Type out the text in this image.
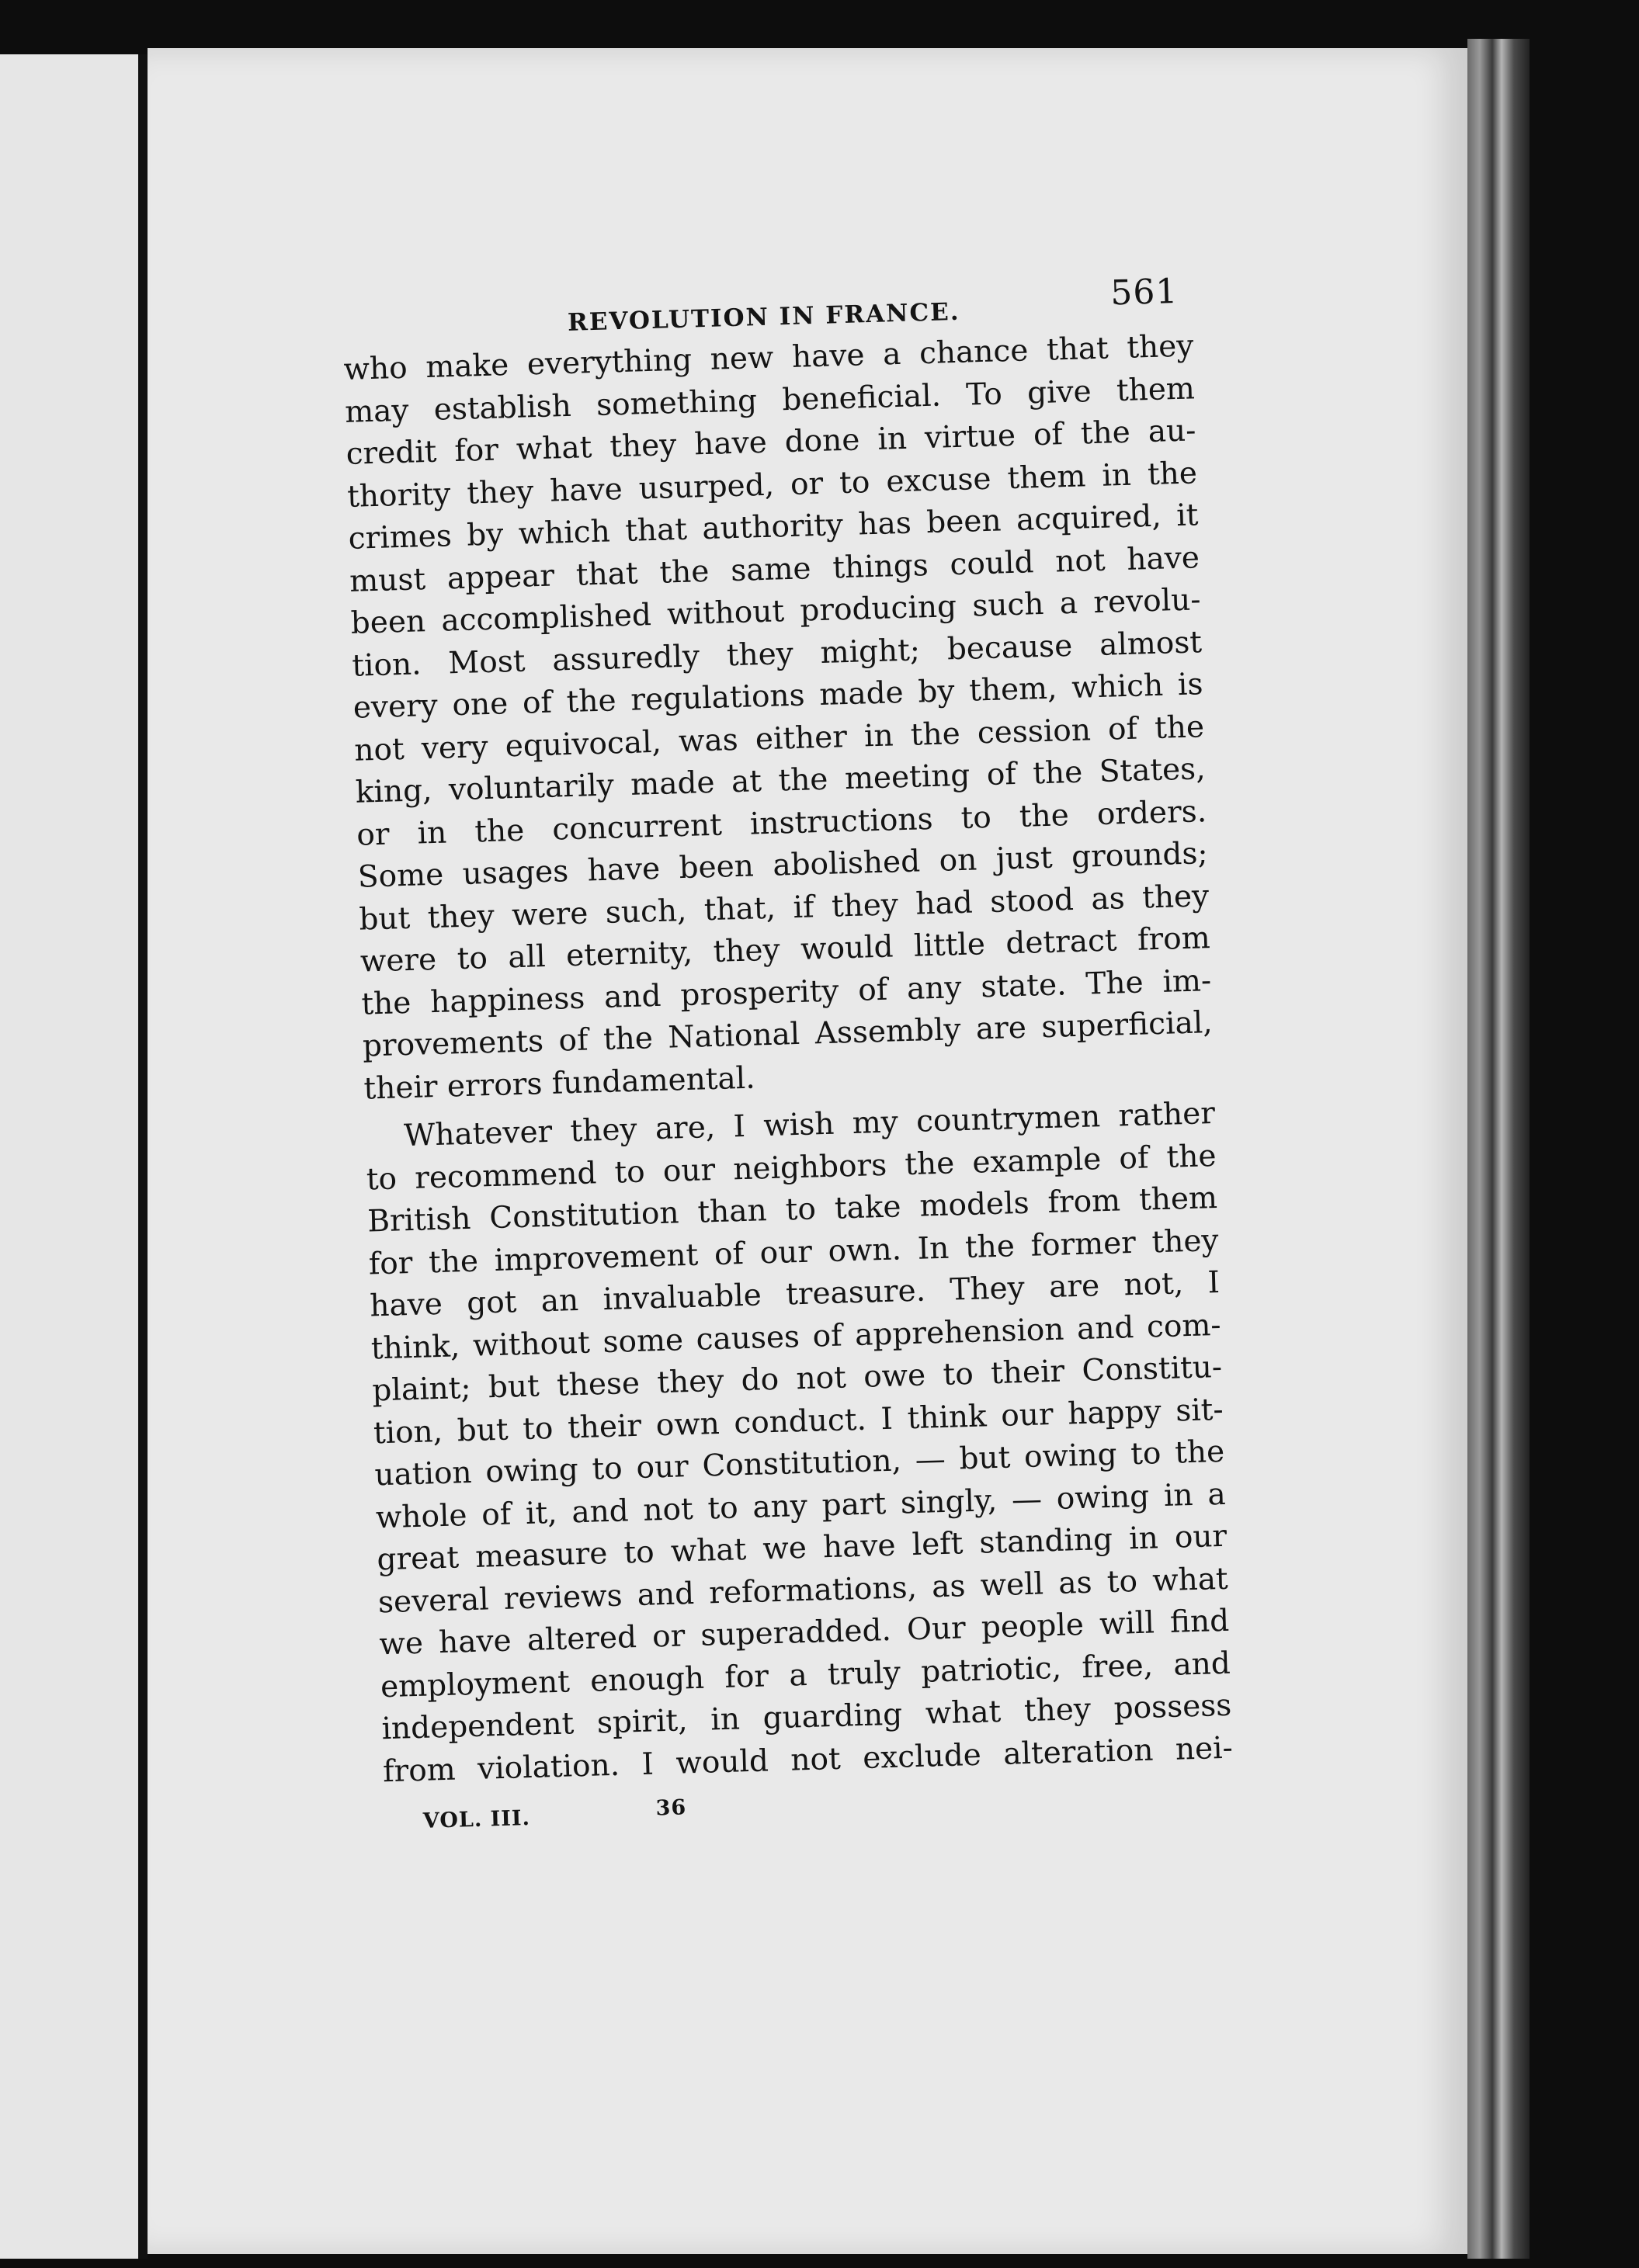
REVOLUTION IN FRANCE.
561
who make everything new have a chance that they
may establish something beneficial. To give them
credit for what they have done in virtue of the au-
thority they have usurped, or to excuse them in the
crimes by which that authority has been acquired, it
must appear that the same things could not have
been accomplished without producing such a revolu-
tion. Most assuredly they might; because almost
every one of the regulations made by them, which is
not very equivocal, was either in the cession of the
king, voluntarily made at the meeting of the States,
or in the concurrent instructions to the orders.
Some usages have been abolished on just grounds;
but they were such, that, if they had stood as they
were to all eternity, they would little detract from
the happiness and prosperity of any state. The im-
provements of the National Assembly are superficial,
their errors fundamental.
Whatever they are, I wish my countrymen rather
to recommend to our neighbors the example of the
British Constitution than to take models from them
for the improvement of our own. In the former they
have got an invaluable treasure. They are not, I
think, without some causes of apprehension and com-
plaint; but these they do not owe to their Constitu-
tion, but to their own conduct. I think our happy sit-
uation owing to our Constitution, — but owing to the
whole of it, and not to any part singly, — owing in a
great measure to what we have left standing in our
several reviews and reformations, as well as to what
we have altered or superadded. Our people will find
employment enough for a truly patriotic, free, and
independent spirit, in guarding what they possess
from violation. I would not exclude alteration nei-
VOL. III.	36
